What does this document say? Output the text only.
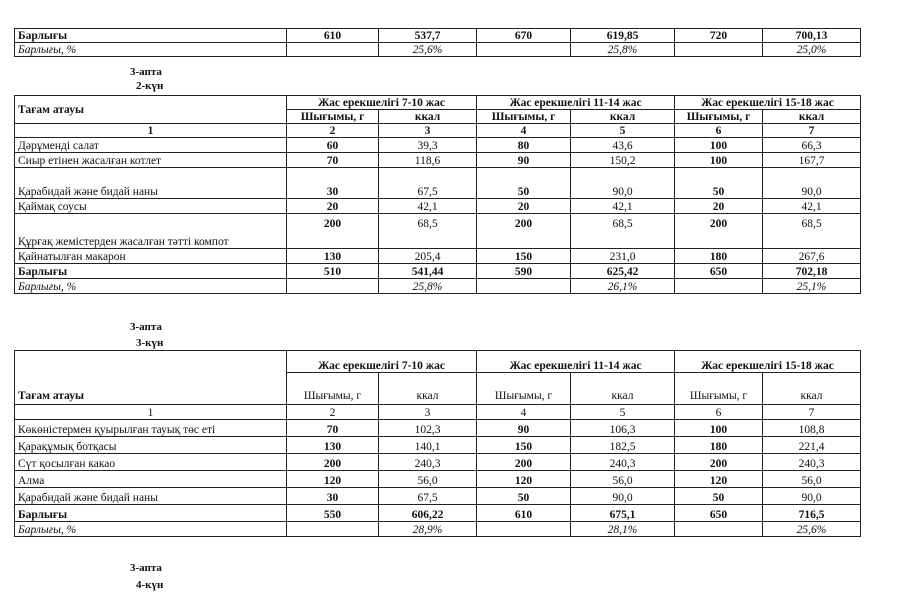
Барлығы	610	537,7	670	619,85	720	700,13
Барлығы, %		25,6%		25,8%		25,0%
3-апта
2-күн
Тағам атауы	Жас ерекшелігі 7-10 жас		Жас ерекшелігі 11-14 жас		Жас ерекшелігі 15-18 жас	
	Шығымы, г	ккал	Шығымы, г	ккал	Шығымы, г	ккал
1	2	3	4	5	6	7
Дәрұменді салат	60	39,3	80	43,6	100	66,3
Сиыр етінен жасалған котлет	70	118,6	90	150,2	100	167,7
Қарабидай және бидай наны	30	67,5	50	90,0	50	90,0
Қаймақ соусы	20	42,1	20	42,1	20	42,1
Құрғақ жемістерден жасалған тәтті компот	200	68,5	200	68,5	200	68,5
Қайнатылған макарон	130	205,4	150	231,0	180	267,6
Барлығы	510	541,44	590	625,42	650	702,18
Барлығы, %		25,8%		26,1%		25,1%
3-апта
3-күн
Тағам атауы	Жас ерекшелігі 7-10 жас		Жас ерекшелігі 11-14 жас		Жас ерекшелігі 15-18 жас	
	Шығымы, г	ккал	Шығымы, г	ккал	Шығымы, г	ккал
1	2	3	4	5	6	7
Көкөністермен қуырылған тауық төс еті	70	102,3	90	106,3	100	108,8
Қарақұмық ботқасы	130	140,1	150	182,5	180	221,4
Сүт қосылған какао	200	240,3	200	240,3	200	240,3
Алма	120	56,0	120	56,0	120	56,0
Қарабидай және бидай наны	30	67,5	50	90,0	50	90,0
Барлығы	550	606,22	610	675,1	650	716,5
Барлығы, %		28,9%		28,1%		25,6%
3-апта
4-күн
